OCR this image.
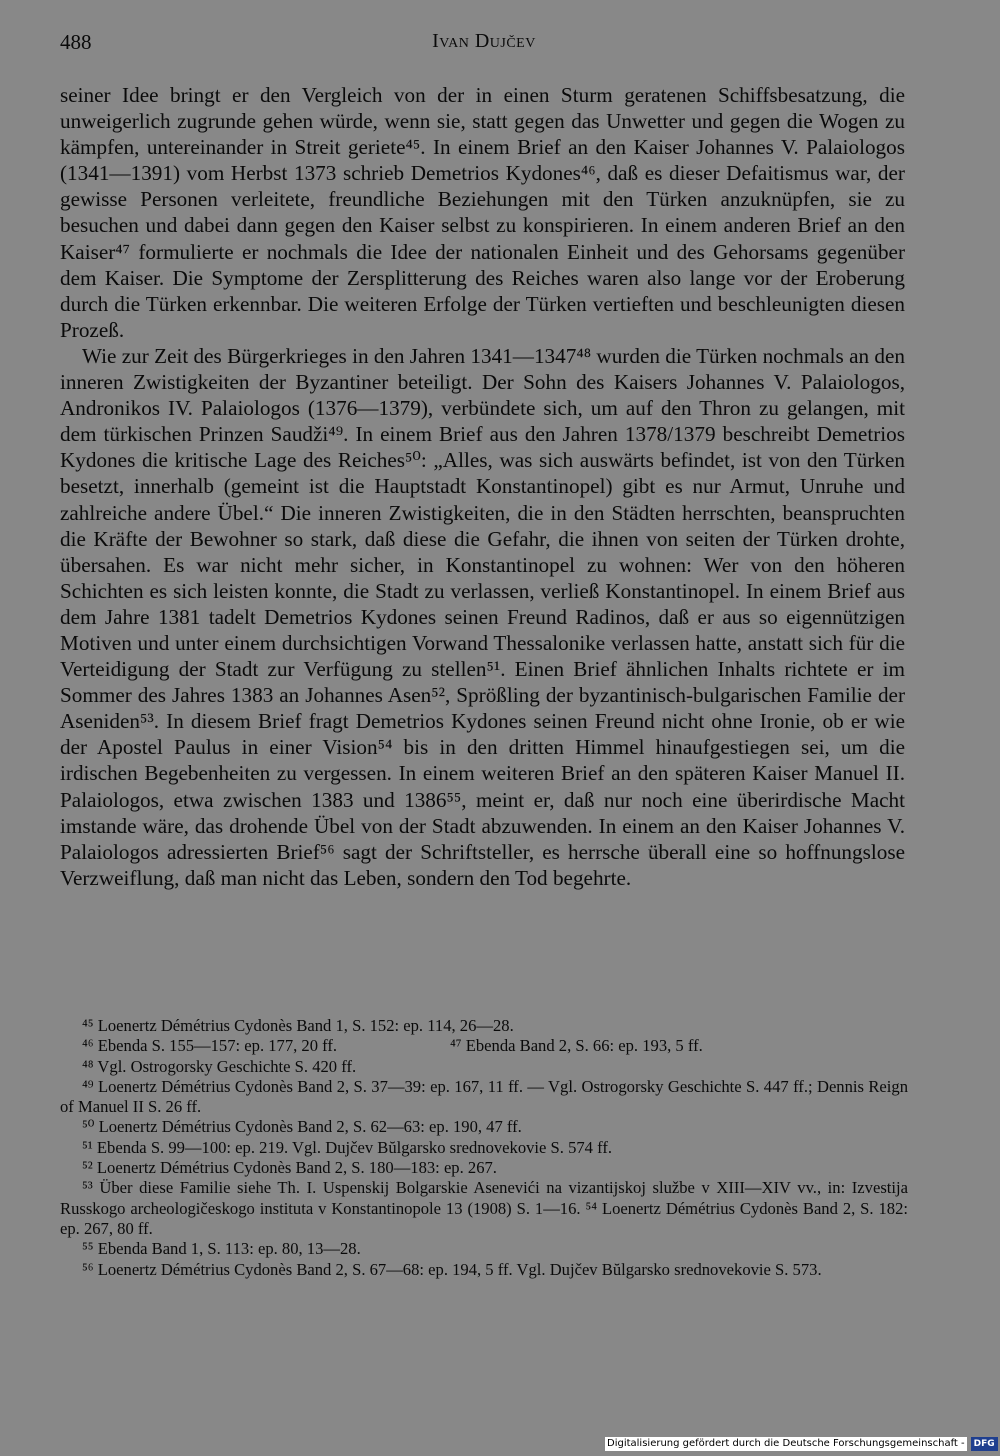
488	Ivan Dujčev

seiner Idee bringt er den Vergleich von der in einen Sturm geratenen Schiffsbesatzung, die unweigerlich zugrunde gehen würde, wenn sie, statt gegen das Unwetter und gegen die Wogen zu kämpfen, untereinander in Streit geriete⁴⁵. In einem Brief an den Kaiser Johannes V. Palaiologos (1341—1391) vom Herbst 1373 schrieb Demetrios Kydones⁴⁶, daß es dieser Defaitismus war, der gewisse Personen verleitete, freundliche Beziehungen mit den Türken anzuknüpfen, sie zu besuchen und dabei dann gegen den Kaiser selbst zu konspirieren. In einem anderen Brief an den Kaiser⁴⁷ formulierte er nochmals die Idee der nationalen Einheit und des Gehorsams gegenüber dem Kaiser. Die Symptome der Zersplitterung des Reiches waren also lange vor der Eroberung durch die Türken erkennbar. Die weiteren Erfolge der Türken vertieften und beschleunigten diesen Prozeß.

Wie zur Zeit des Bürgerkrieges in den Jahren 1341—1347⁴⁸ wurden die Türken nochmals an den inneren Zwistigkeiten der Byzantiner beteiligt. Der Sohn des Kaisers Johannes V. Palaiologos, Andronikos IV. Palaiologos (1376—1379), verbündete sich, um auf den Thron zu gelangen, mit dem türkischen Prinzen Saudži⁴⁹. In einem Brief aus den Jahren 1378/1379 beschreibt Demetrios Kydones die kritische Lage des Reiches⁵⁰: „Alles, was sich auswärts befindet, ist von den Türken besetzt, innerhalb (gemeint ist die Hauptstadt Konstantinopel) gibt es nur Armut, Unruhe und zahlreiche andere Übel.“ Die inneren Zwistigkeiten, die in den Städten herrschten, beanspruchten die Kräfte der Bewohner so stark, daß diese die Gefahr, die ihnen von seiten der Türken drohte, übersahen. Es war nicht mehr sicher, in Konstantinopel zu wohnen: Wer von den höheren Schichten es sich leisten konnte, die Stadt zu verlassen, verließ Konstantinopel. In einem Brief aus dem Jahre 1381 tadelt Demetrios Kydones seinen Freund Radinos, daß er aus so eigennützigen Motiven und unter einem durchsichtigen Vorwand Thessalonike verlassen hatte, anstatt sich für die Verteidigung der Stadt zur Verfügung zu stellen⁵¹. Einen Brief ähnlichen Inhalts richtete er im Sommer des Jahres 1383 an Johannes Asen⁵², Sprößling der byzantinisch-bulgarischen Familie der Aseniden⁵³. In diesem Brief fragt Demetrios Kydones seinen Freund nicht ohne Ironie, ob er wie der Apostel Paulus in einer Vision⁵⁴ bis in den dritten Himmel hinaufgestiegen sei, um die irdischen Begebenheiten zu vergessen. In einem weiteren Brief an den späteren Kaiser Manuel II. Palaiologos, etwa zwischen 1383 und 1386⁵⁵, meint er, daß nur noch eine überirdische Macht imstande wäre, das drohende Übel von der Stadt abzuwenden. In einem an den Kaiser Johannes V. Palaiologos adressierten Brief⁵⁶ sagt der Schriftsteller, es herrsche überall eine so hoffnungslose Verzweiflung, daß man nicht das Leben, sondern den Tod begehrte.

⁴⁵ Loenertz Démétrius Cydonès Band 1, S. 152: ep. 114, 26—28.

⁴⁶ Ebenda S. 155—157: ep. 177, 20 ff.	⁴⁷ Ebenda Band 2, S. 66: ep. 193, 5 ff.

⁴⁸ Vgl. Ostrogorsky Geschichte S. 420 ff.

⁴⁹ Loenertz Démétrius Cydonès Band 2, S. 37—39: ep. 167, 11 ff. — Vgl. Ostrogorsky Geschichte S. 447 ff.; Dennis Reign of Manuel II S. 26 ff.

⁵⁰ Loenertz Démétrius Cydonès Band 2, S. 62—63: ep. 190, 47 ff.

⁵¹ Ebenda S. 99—100: ep. 219. Vgl. Dujčev Bŭlgarsko srednovekovie S. 574 ff.

⁵² Loenertz Démétrius Cydonès Band 2, S. 180—183: ep. 267.

⁵³ Über diese Familie siehe Th. I. Uspenskij Bolgarskie Asenevići na vizantijskoj službe v XIII—XIV vv., in: Izvestija Russkogo archeologičeskogo instituta v Konstantinopole 13 (1908) S. 1—16. ⁵⁴ Loenertz Démétrius Cydonès Band 2, S. 182: ep. 267, 80 ff.

⁵⁵ Ebenda Band 1, S. 113: ep. 80, 13—28.

⁵⁶ Loenertz Démétrius Cydonès Band 2, S. 67—68: ep. 194, 5 ff. Vgl. Dujčev Bŭlgarsko srednovekovie S. 573.

Digitalisierung gefördert durch die Deutsche Forschungsgemeinschaft -	DFG
